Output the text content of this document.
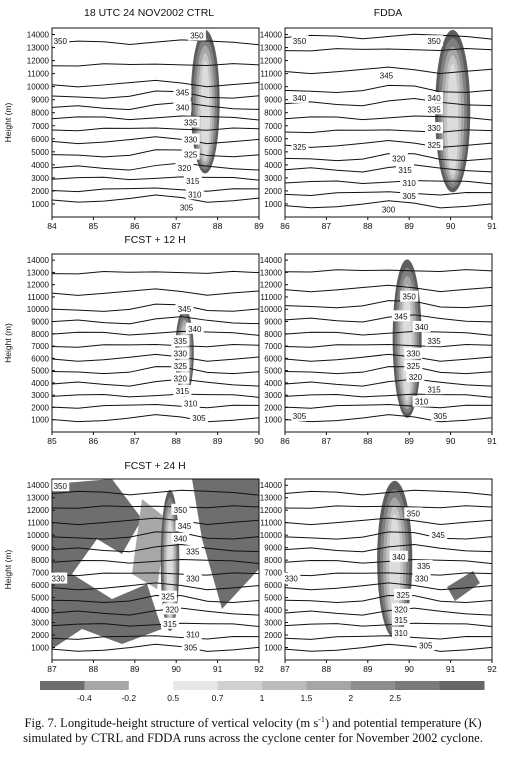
1000
2000
3000
4000
5000
6000
7000
8000
9000
10000
11000
12000
13000
14000
84	85	86	87	88	89
Height (m)
18 UTC 24 NOV2002 CTRL
350
345
340
335
330
325
320
315
310
305
350
1000
2000
3000
4000
5000
6000
7000
8000
9000
10000
11000
12000
13000
14000
86	87	88	89	90	91
FDDA
350
345
340
335
330
325
320
315
310
305
300
350
340
325
1000
2000
3000
4000
5000
6000
7000
8000
9000
10000
11000
12000
13000
14000
85	86	87	88	89	90
Height (m)
FCST + 12 H
345
340
335
330
325
320
315
310
305	1000
2000
3000
4000
5000
6000
7000
8000
9000
10000
11000
12000
13000
14000
86	87	88	89	90	91
350
345
340
335
330
325
320
315
310
305
305
1000
2000
3000
4000
5000
6000
7000
8000
9000
10000
11000
12000
13000
14000
87	88	89	90	91	92
Height (m)
FCST + 24 H
350
345
340
335
330
325
320
315
310
305
350
330
1000
2000
3000
4000
5000
6000
7000
8000
9000
10000
11000
12000
13000
14000
87	88	89	90	91	92
350
345
340
335
330
325
320
315
310
305
330
-0.4	-0.2	0.5	0.7	1	1.5	2	2.5
Fig. 7. Longitude-height structure of vertical velocity (m $s^{-1}$) and potential temperature (K) simulated by CTRL and FDDA runs across the cyclone center for November 2002 cyclone.
